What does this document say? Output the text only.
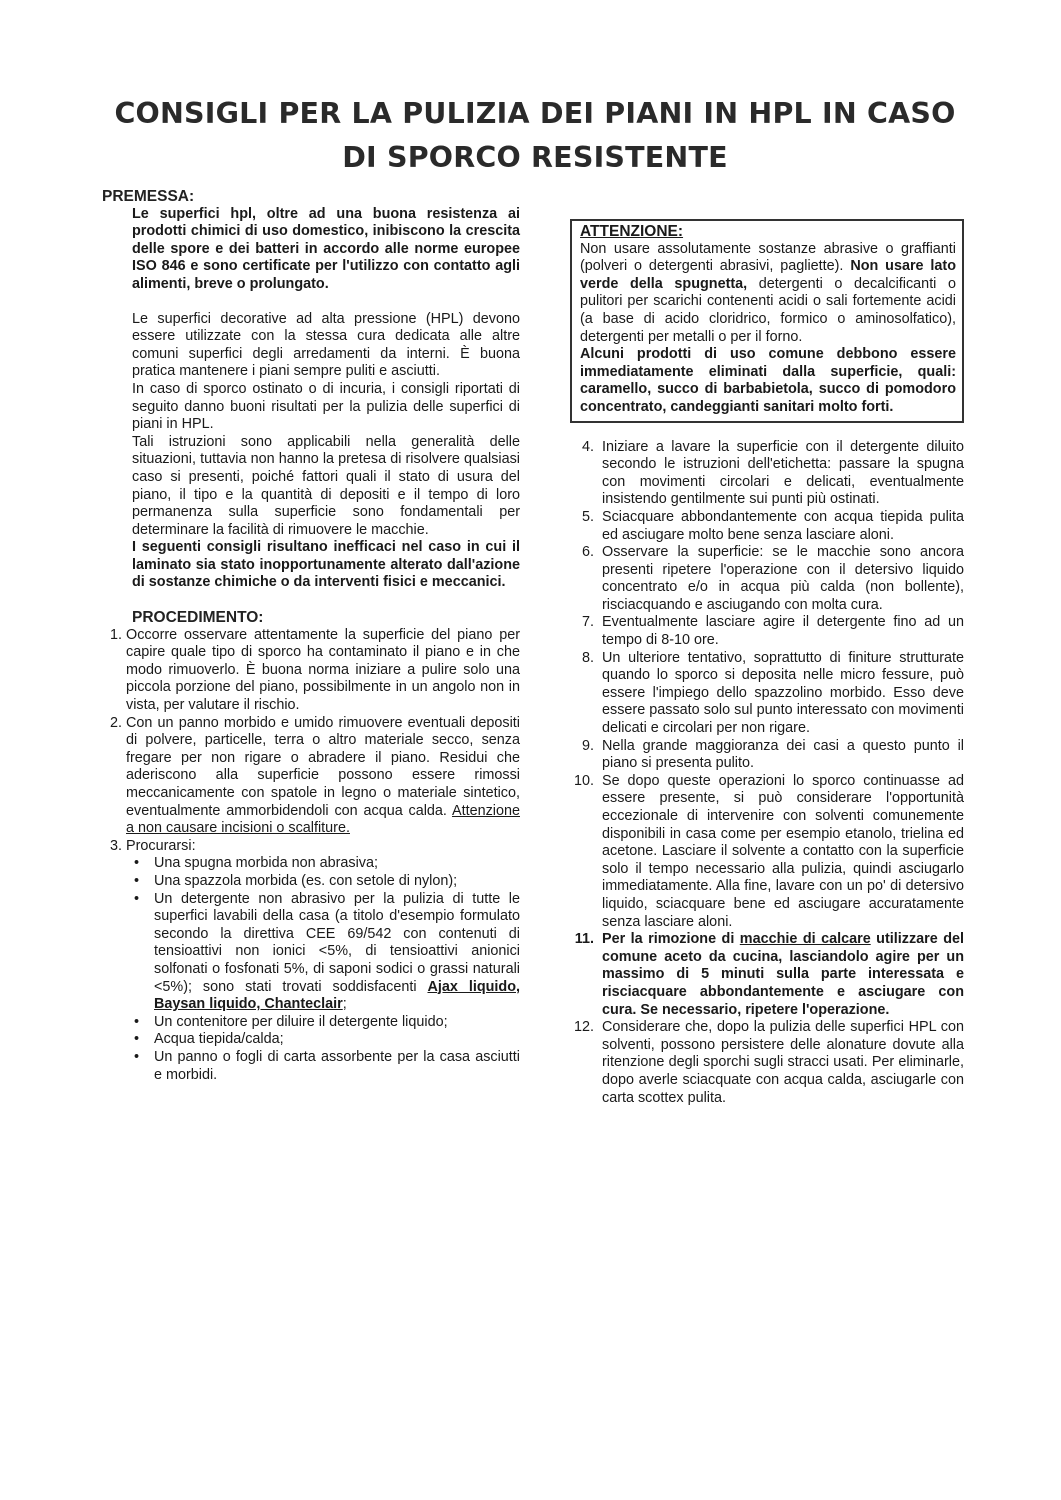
CONSIGLI PER LA PULIZIA DEI PIANI IN HPL IN CASO DI SPORCO RESISTENTE

PREMESSA:

Le superfici hpl, oltre ad una buona resistenza ai prodotti chimici di uso domestico, inibiscono la crescita delle spore e dei batteri in accordo alle norme europee ISO 846 e sono certificate per l'utilizzo con contatto agli alimenti, breve o prolungato.

Le superfici decorative ad alta pressione (HPL) devono essere utilizzate con la stessa cura dedicata alle altre comuni superfici degli arredamenti da interni. È buona pratica mantenere i piani sempre puliti e asciutti.

In caso di sporco ostinato o di incuria, i consigli riportati di seguito danno buoni risultati per la pulizia delle superfici di piani in HPL.

Tali istruzioni sono applicabili nella generalità delle situazioni, tuttavia non hanno la pretesa di risolvere qualsiasi caso si presenti, poiché fattori quali il stato di usura del piano, il tipo e la quantità di depositi e il tempo di loro permanenza sulla superficie sono fondamentali per determinare la facilità di rimuovere le macchie.

I seguenti consigli risultano inefficaci nel caso in cui il laminato sia stato inopportunamente alterato dall'azione di sostanze chimiche o da interventi fisici e meccanici.

PROCEDIMENTO:

1. Occorre osservare attentamente la superficie del piano per capire quale tipo di sporco ha contaminato il piano e in che modo rimuoverlo. È buona norma iniziare a pulire solo una piccola porzione del piano, possibilmente in un angolo non in vista, per valutare il rischio.
2. Con un panno morbido e umido rimuovere eventuali depositi di polvere, particelle, terra o altro materiale secco, senza fregare per non rigare o abradere il piano. Residui che aderiscono alla superficie possono essere rimossi meccanicamente con spatole in legno o materiale sintetico, eventualmente ammorbidendoli con acqua calda. Attenzione a non causare incisioni o scalfiture.
3. Procurarsi:
• Una spugna morbida non abrasiva;
• Una spazzola morbida (es. con setole di nylon);
• Un detergente non abrasivo per la pulizia di tutte le superfici lavabili della casa (a titolo d'esempio formulato secondo la direttiva CEE 69/542 con contenuti di tensioattivi non ionici <5%, di tensioattivi anionici solfonati o fosfonati 5%, di saponi sodici o grassi naturali <5%); sono stati trovati soddisfacenti Ajax liquido, Baysan liquido, Chanteclair;
• Un contenitore per diluire il detergente liquido;
• Acqua tiepida/calda;
• Un panno o fogli di carta assorbente per la casa asciutti e morbidi.
ATTENZIONE:

Non usare assolutamente sostanze abrasive o graffianti (polveri o detergenti abrasivi, pagliette). Non usare lato verde della spugnetta, detergenti o decalcificanti o pulitori per scarichi contenenti acidi o sali fortemente acidi (a base di acido cloridrico, formico o aminosolfatico), detergenti per metalli o per il forno.

Alcuni prodotti di uso comune debbono essere immediatamente eliminati dalla superficie, quali: caramello, succo di barbabietola, succo di pomodoro concentrato, candeggianti sanitari molto forti.

4. Iniziare a lavare la superficie con il detergente diluito secondo le istruzioni dell'etichetta: passare la spugna con movimenti circolari e delicati, eventualmente insistendo gentilmente sui punti più ostinati.
5. Sciacquare abbondantemente con acqua tiepida pulita ed asciugare molto bene senza lasciare aloni.
6. Osservare la superficie: se le macchie sono ancora presenti ripetere l'operazione con il detersivo liquido concentrato e/o in acqua più calda (non bollente), risciacquando e asciugando con molta cura.
7. Eventualmente lasciare agire il detergente fino ad un tempo di 8-10 ore.
8. Un ulteriore tentativo, soprattutto di finiture strutturate quando lo sporco si deposita nelle micro fessure, può essere l'impiego dello spazzolino morbido. Esso deve essere passato solo sul punto interessato con movimenti delicati e circolari per non rigare.
9. Nella grande maggioranza dei casi a questo punto il piano si presenta pulito.
10. Se dopo queste operazioni lo sporco continuasse ad essere presente, si può considerare l'opportunità eccezionale di intervenire con solventi comunemente disponibili in casa come per esempio etanolo, trielina ed acetone. Lasciare il solvente a contatto con la superficie solo il tempo necessario alla pulizia, quindi asciugarlo immediatamente. Alla fine, lavare con un po' di detersivo liquido, sciacquare bene ed asciugare accuratamente senza lasciare aloni.
11. Per la rimozione di macchie di calcare utilizzare del comune aceto da cucina, lasciandolo agire per un massimo di 5 minuti sulla parte interessata e risciacquare abbondantemente e asciugare con cura. Se necessario, ripetere l'operazione.
12. Considerare che, dopo la pulizia delle superfici HPL con solventi, possono persistere delle alonature dovute alla ritenzione degli sporchi sugli stracci usati. Per eliminarle, dopo averle sciacquate con acqua calda, asciugarle con carta scottex pulita.
